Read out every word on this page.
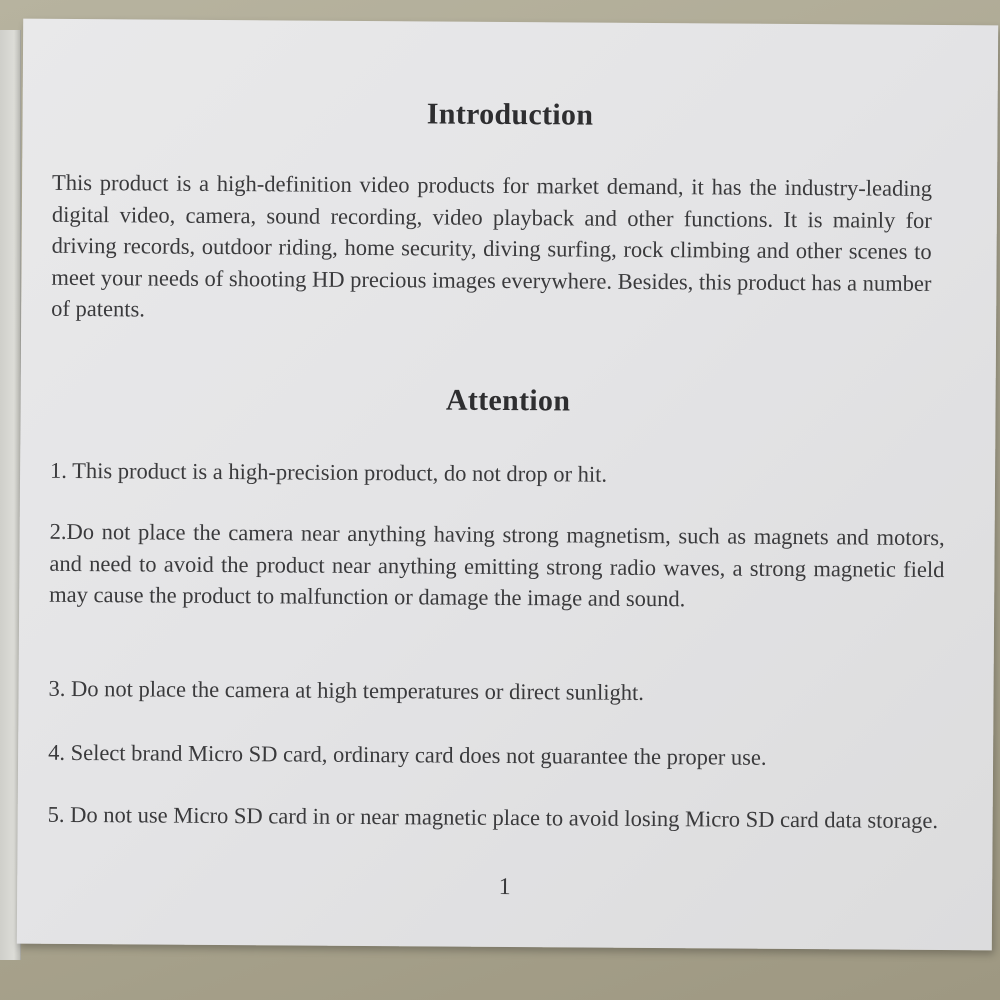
Introduction

This product is a high-definition video products for market demand, it has the industry-leading digital video, camera, sound recording, video playback and other functions. It is mainly for driving records, outdoor riding, home security, diving surfing, rock climbing and other scenes to meet your needs of shooting HD precious images everywhere. Besides, this product has a number of patents.

Attention

1. This product is a high-precision product, do not drop or hit.

2.Do not place the camera near anything having strong magnetism, such as magnets and motors, and need to avoid the product near anything emitting strong radio waves, a strong magnetic field may cause the product to malfunction or damage the image and sound.

3. Do not place the camera at high temperatures or direct sunlight.

4. Select brand Micro SD card, ordinary card does not guarantee the proper use.

5. Do not use Micro SD card in or near magnetic place to avoid losing Micro SD card data storage.

1
